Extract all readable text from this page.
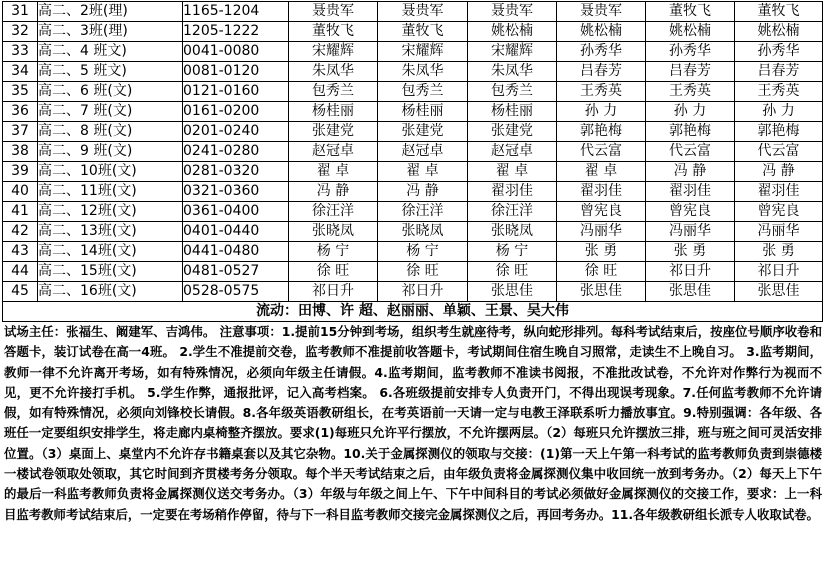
31	高二、2班(理)	1165-1204	聂贵军	聂贵军	聂贵军	聂贵军	董牧飞	董牧飞
32	高二、3班(理)	1205-1222	董牧飞	董牧飞	姚松楠	姚松楠	姚松楠	姚松楠
33	高二、4 班文)	0041-0080	宋耀辉	宋耀辉	宋耀辉	孙秀华	孙秀华	孙秀华
34	高二、5 班文)	0081-0120	朱凤华	朱凤华	朱凤华	吕春芳	吕春芳	吕春芳
35	高二、6 班(文)	0121-0160	包秀兰	包秀兰	包秀兰	王秀英	王秀英	王秀英
36	高二、7 班(文)	0161-0200	杨桂丽	杨桂丽	杨桂丽	孙 力	孙 力	孙 力
37	高二、8 班(文)	0201-0240	张建党	张建党	张建党	郭艳梅	郭艳梅	郭艳梅
38	高二、9 班(文)	0241-0280	赵冠卓	赵冠卓	赵冠卓	代云富	代云富	代云富
39	高二、10班(文)	0281-0320	翟 卓	翟 卓	翟 卓	翟 卓	冯 静	冯 静
40	高二、11班(文)	0321-0360	冯 静	冯 静	翟羽佳	翟羽佳	翟羽佳	翟羽佳
41	高二、12班(文)	0361-0400	徐汪洋	徐汪洋	徐汪洋	曾宪良	曾宪良	曾宪良
42	高二、13班(文)	0401-0440	张晓凤	张晓凤	张晓凤	冯丽华	冯丽华	冯丽华
43	高二、14班(文)	0441-0480	杨 宁	杨 宁	杨 宁	张 勇	张 勇	张 勇
44	高二、15班(文)	0481-0527	徐 旺	徐 旺	徐 旺	徐 旺	祁日升	祁日升
45	高二、16班(文)	0528-0575	祁日升	祁日升	张思佳	张思佳	张思佳	张思佳
流动：田博、许 超、赵丽丽、单颖、王景、吴大伟								

试场主任：张福生、阚建军、吉鸿伟。 注意事项：1.提前15分钟到考场，组织考生就座待考，纵向蛇形排列。每科考试结束后，按座位号顺序收卷和答题卡，装订试卷在高一4班。 2.学生不准提前交卷，监考教师不准提前收答题卡，考试期间住宿生晚自习照常，走读生不上晚自习。 3.监考期间，教师一律不允许离开考场，如有特殊情况，必须向年级主任请假。4.监考期间，监考教师不准读书阅报，不准批改试卷，不允许对作弊行为视而不见，更不允许接打手机。 5.学生作弊，通报批评，记入高考档案。 6.各班级提前安排专人负责开门，不得出现误考现象。7.任何监考教师不允许请假，如有特殊情况，必须向刘锋校长请假。8.各年级英语教研组长，在考英语前一天请一定与电教王泽联系听力播放事宜。9.特别强调：各年级、各班任一定要组织安排学生，将走廊内桌椅整齐摆放。要求(1)每班只允许平行摆放，不允许摆两层。（2）每班只允许摆放三排，班与班之间可灵活安排位置。（3）桌面上、桌堂内不允许存书籍桌套以及其它杂物。10.关于金属探测仪的领取与交接：(1)第一天上午第一科考试的监考教师负责到崇德楼一楼试卷领取处领取，其它时间到齐贯楼考务分领取。每个半天考试结束之后，由年级负责将金属探测仪集中收回统一放到考务办。（2）每天上下午的最后一科监考教师负责将金属探测仪送交考务办。（3）年级与年级之间上午、下午中间科目的考试必须做好金属探测仪的交接工作，要求：上一科目监考教师考试结束后，一定要在考场稍作停留，待与下一科目监考教师交接完金属探测仪之后，再回考务办。11.各年级教研组长派专人收取试卷。
